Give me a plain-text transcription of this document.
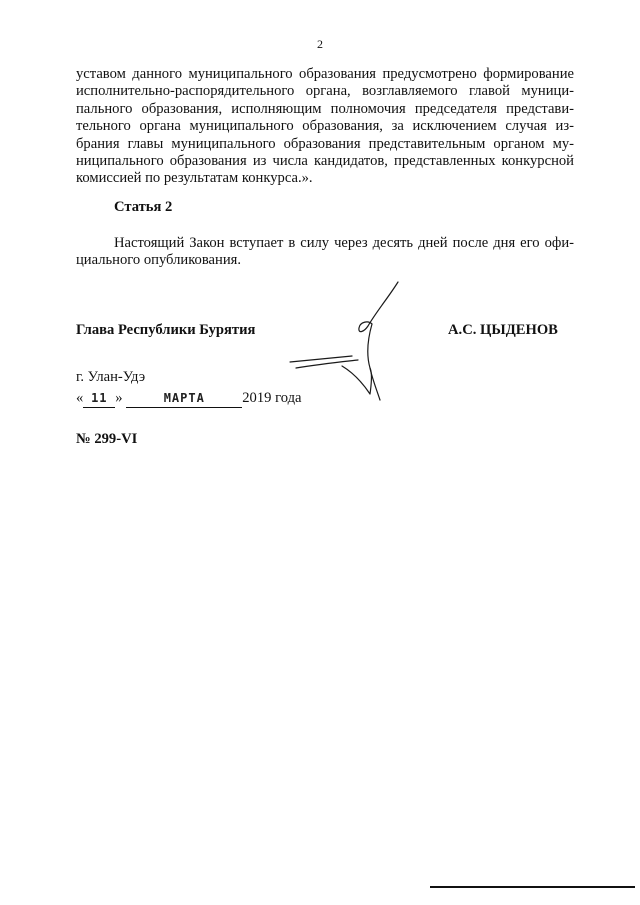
2
уставом данного муниципального образования предусмотрено формирование
исполнительно-распорядительного органа, возглавляемого главой муници-
пального образования, исполняющим полномочия председателя представи-
тельного органа муниципального образования, за исключением случая из-
брания главы муниципального образования представительным органом му-
ниципального образования из числа кандидатов, представленных конкурсной
комиссией по результатам конкурса.».
Статья 2
Настоящий Закон вступает в силу через десять дней после дня его офи-
циального опубликования.
Глава Республики Бурятия	А.С. ЦЫДЕНОВ
г. Улан-Удэ
« 11 »	МАРТА	2019 года
№ 299-VI
